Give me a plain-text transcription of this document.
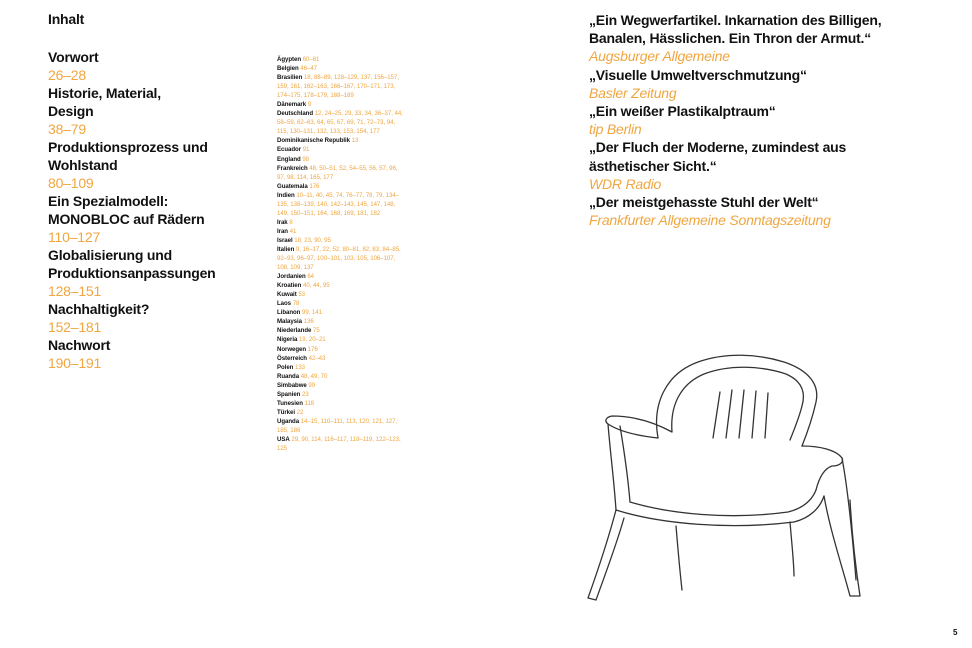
Inhalt
Vorwort
26–28
Historie, Material, Design
38–79
Produktionsprozess und Wohlstand
80–109
Ein Spezialmodell: MONOBLOC auf Rädern
110–127
Globalisierung und Produktionsanpassungen
128–151
Nachhaltigkeit?
152–181
Nachwort
190–191

Ägypten 60–61

Belgien 46–47

Brasilien 18, 88–89, 128–129, 137, 156–157, 159, 161, 162–163, 166–167, 170–171, 173, 174–175, 178–179, 188–189

Dänemark 9

Deutschland 12, 24–25, 29, 33, 34, 36–37, 44, 58–59, 62–63, 64, 65, 67, 69, 71, 72–73, 94, 115, 130–131, 132, 133, 153, 154, 177

Dominikanische Republik 13

Ecuador 91

England 98

Frankreich 48, 50–51, 52, 54–55, 56, 57, 96, 97, 98, 114, 165, 177

Guatemala 176

Indien 10–11, 40, 45, 74, 76–77, 78, 79, 134–135, 138–139, 140, 142–143, 145, 147, 148, 149, 150–151, 164, 168, 169, 181, 182

Irak 8

Iran 41

Israel 18, 23, 90, 95

Italien 9, 16–17, 22, 52, 80–81, 82, 83, 84–85, 92–93, 96–97, 100–101, 103, 105, 106–107, 108, 109, 137

Jordanien 64

Kroatien 40, 44, 95

Kuwait 53

Laos 78

Libanon 99, 141

Malaysia 136

Niederlande 75

Nigeria 19, 20–21

Norwegen 176

Österreich 42–43

Polen 133

Ruanda 48, 49, 70

Simbabwe 99

Spanien 23

Tunesien 118

Türkei 22

Uganda 14–15, 110–111, 113, 120, 121, 127, 185, 186

USA 29, 90, 114, 116–117, 118–119, 122–123, 125

„Ein Wegwerfartikel. Inkarnation des Billigen, Banalen, Hässlichen. Ein Thron der Armut.“
Augsburger Allgemeine
„Visuelle Umweltverschmutzung“
Basler Zeitung
„Ein weißer Plastikalptraum“
tip Berlin
„Der Fluch der Moderne, zumindest aus ästhetischer Sicht.“
WDR Radio
„Der meistgehasste Stuhl der Welt“
Frankfurter Allgemeine Sonntagszeitung
5
